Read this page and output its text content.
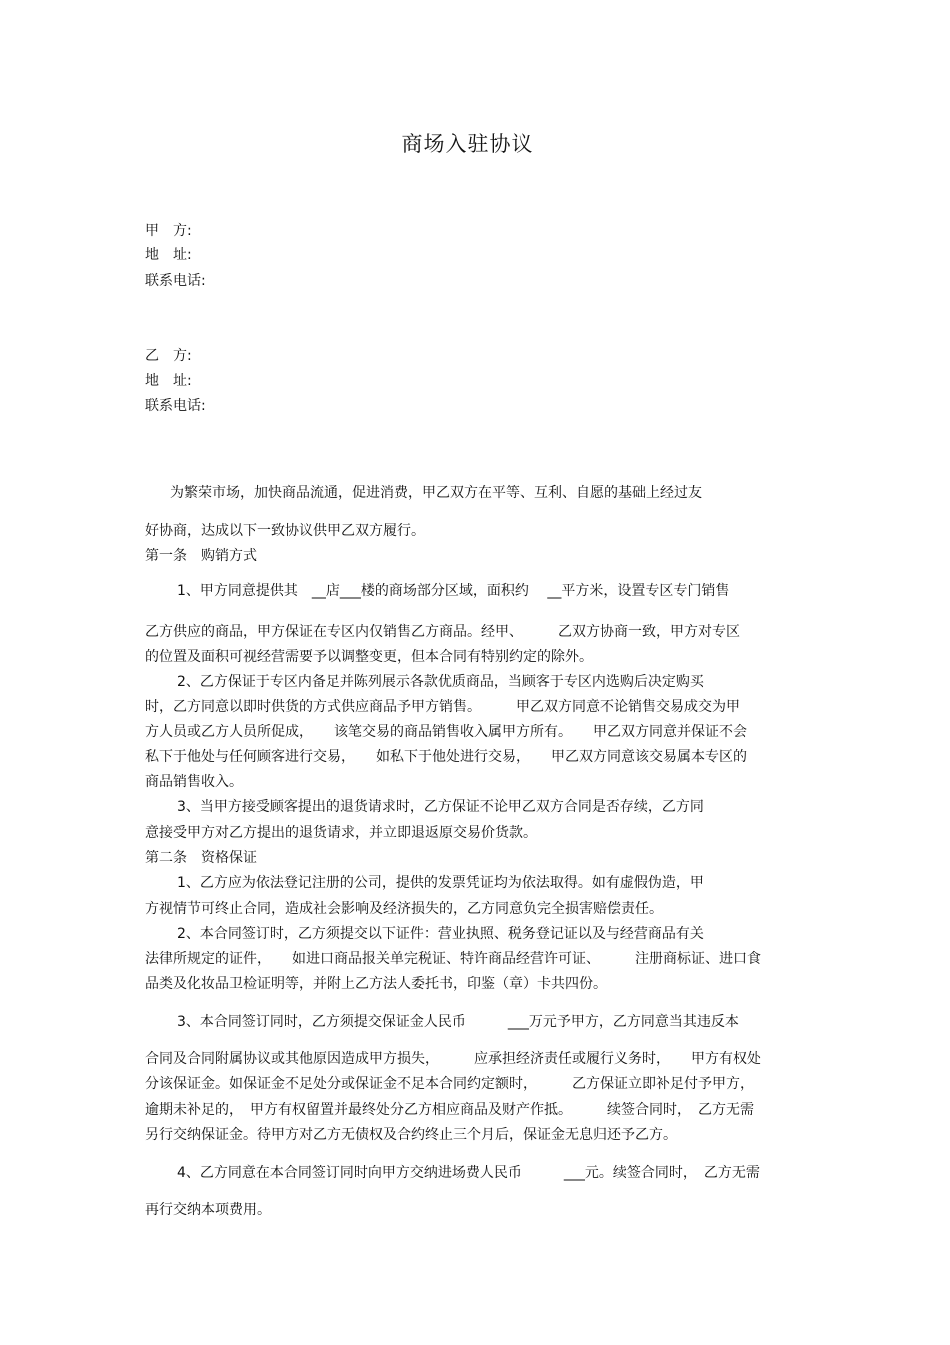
商场入驻协议
甲　方:
地　址:
联系电话:
乙　方:
地　址:
联系电话:
为繁荣市场，加快商品流通，促进消费，甲乙双方在平等、互利、自愿的基础上经过友
好协商，达成以下一致协议供甲乙双方履行。
第一条　购销方式
1、甲方同意提供其　__店___楼的商场部分区域，面积约　 __平方米，设置专区专门销售
乙方供应的商品，甲方保证在专区内仅销售乙方商品。经甲、　　　乙双方协商一致，甲方对专区
的位置及面积可视经营需要予以调整变更，但本合同有特别约定的除外。
2、乙方保证于专区内备足并陈列展示各款优质商品，当顾客于专区内选购后决定购买
时，乙方同意以即时供货的方式供应商品予甲方销售。　　　甲乙双方同意不论销售交易成交为甲
方人员或乙方人员所促成，　　该笔交易的商品销售收入属甲方所有。　　甲乙双方同意并保证不会
私下于他处与任何顾客进行交易，　　如私下于他处进行交易，　　甲乙双方同意该交易属本专区的
商品销售收入。
3、当甲方接受顾客提出的退货请求时，乙方保证不论甲乙双方合同是否存续，乙方同
意接受甲方对乙方提出的退货请求，并立即退返原交易价货款。
第二条　资格保证
1、乙方应为依法登记注册的公司，提供的发票凭证均为依法取得。如有虚假伪造，甲
方视情节可终止合同，造成社会影响及经济损失的，乙方同意负完全损害赔偿责任。
2、本合同签订时，乙方须提交以下证件：营业执照、税务登记证以及与经营商品有关
法律所规定的证件，　　如进口商品报关单完税证、特许商品经营许可证、　　　注册商标证、进口食
品类及化妆品卫检证明等，并附上乙方法人委托书，印鉴（章）卡共四份。
3、本合同签订同时，乙方须提交保证金人民币　　　___万元予甲方，乙方同意当其违反本
合同及合同附属协议或其他原因造成甲方损失，　　　应承担经济责任或履行义务时，　　甲方有权处
分该保证金。如保证金不足处分或保证金不足本合同约定额时，　　　乙方保证立即补足付予甲方，
逾期未补足的，　甲方有权留置并最终处分乙方相应商品及财产作抵。　　　续签合同时，　乙方无需
另行交纳保证金。待甲方对乙方无债权及合约终止三个月后，保证金无息归还予乙方。
4、乙方同意在本合同签订同时向甲方交纳进场费人民币　　　___元。续签合同时，　乙方无需
再行交纳本项费用。
